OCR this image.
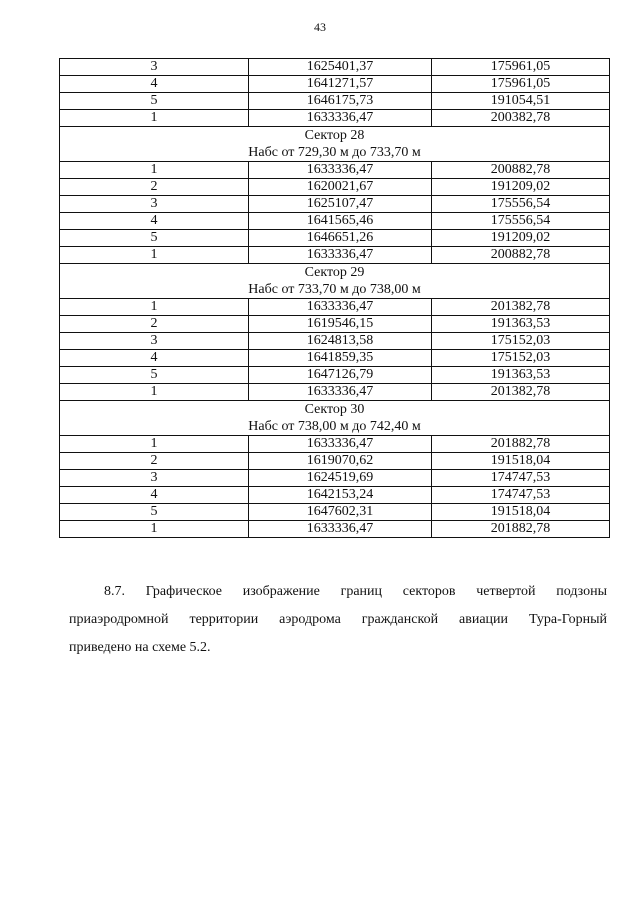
43
3	1625401,37	175961,05
4	1641271,57	175961,05
5	1646175,73	191054,51
1	1633336,47	200382,78

Сектор 28
Набс от 729,30 м до 733,70 м		

1	1633336,47	200882,78
2	1620021,67	191209,02
3	1625107,47	175556,54
4	1641565,46	175556,54
5	1646651,26	191209,02
1	1633336,47	200882,78

Сектор 29
Набс от 733,70 м до 738,00 м		

1	1633336,47	201382,78
2	1619546,15	191363,53
3	1624813,58	175152,03
4	1641859,35	175152,03
5	1647126,79	191363,53
1	1633336,47	201382,78

Сектор 30
Набс от 738,00 м до 742,40 м		

1	1633336,47	201882,78
2	1619070,62	191518,04
3	1624519,69	174747,53
4	1642153,24	174747,53
5	1647602,31	191518,04
1	1633336,47	201882,78
8.7. Графическое изображение границ секторов четвертой подзоны
приаэродромной территории аэродрома гражданской авиации Тура-Горный
приведено на схеме 5.2.
